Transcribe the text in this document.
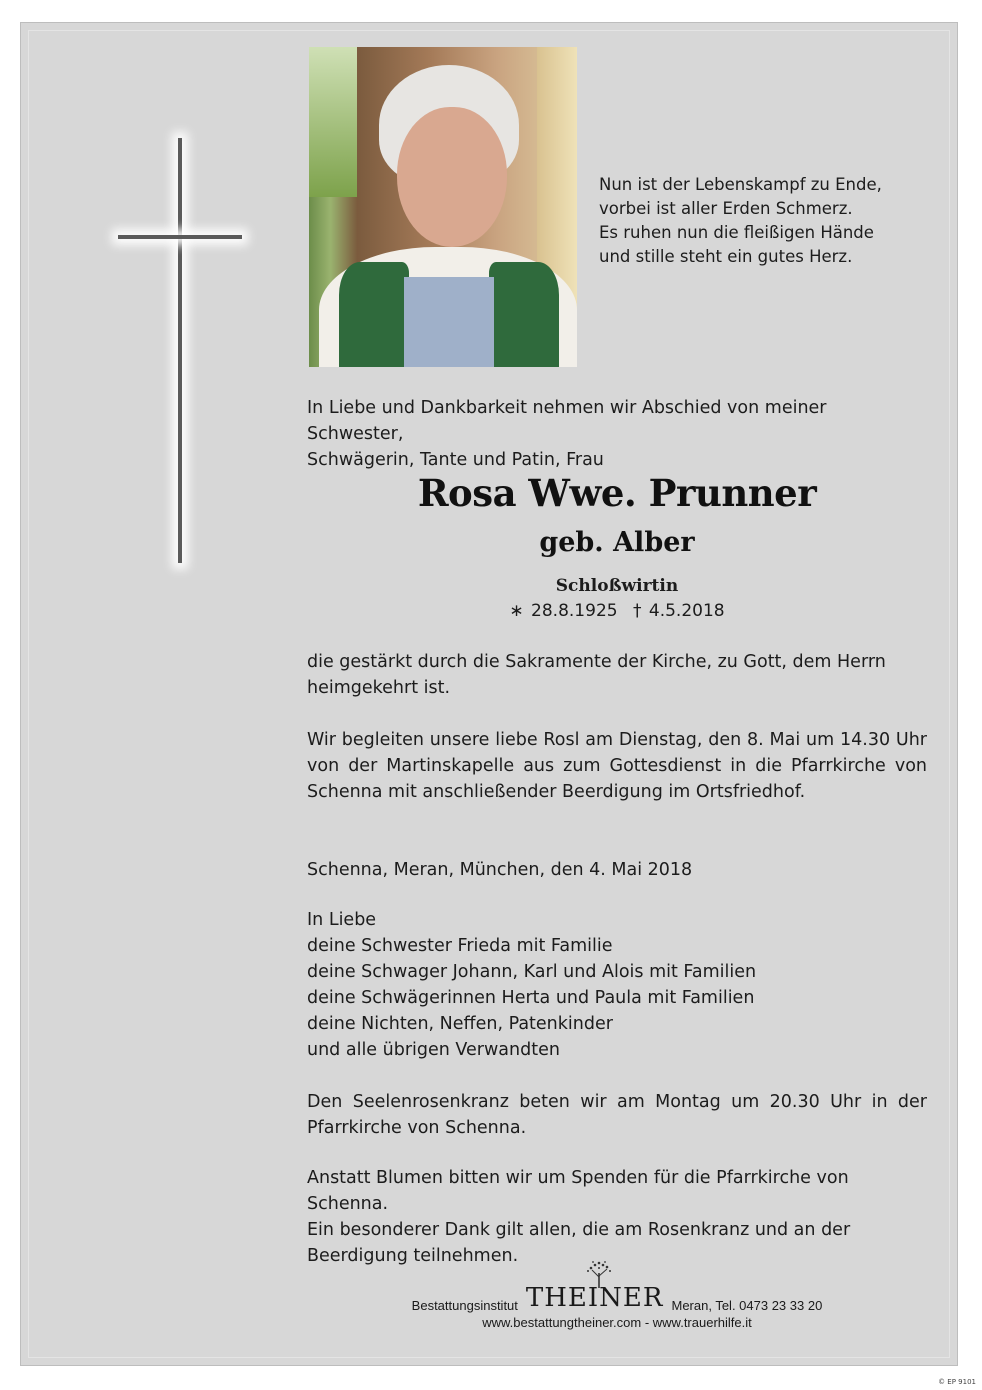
Nun ist der Lebenskampf zu Ende,
vorbei ist aller Erden Schmerz.
Es ruhen nun die fleißigen Hände
und stille steht ein gutes Herz.
In Liebe und Dankbarkeit nehmen wir Abschied von meiner Schwester,
Schwägerin, Tante und Patin, Frau
Rosa Wwe. Prunner
geb. Alber
Schloßwirtin
∗ 28.8.1925 † 4.5.2018
die gestärkt durch die Sakramente der Kirche, zu Gott, dem Herrn
heimgekehrt ist.
Wir begleiten unsere liebe Rosl am Dienstag, den 8. Mai um 14.30 Uhr von der Martinskapelle aus zum Gottesdienst in die Pfarrkirche von Schenna mit anschließender Beerdigung im Ortsfriedhof.
Schenna, Meran, München, den 4. Mai 2018
In Liebe
deine Schwester Frieda mit Familie
deine Schwager Johann, Karl und Alois mit Familien
deine Schwägerinnen Herta und Paula mit Familien
deine Nichten, Neffen, Patenkinder
und alle übrigen Verwandten
Den Seelenrosenkranz beten wir am Montag um 20.30 Uhr in der Pfarrkirche von Schenna.
Anstatt Blumen bitten wir um Spenden für die Pfarrkirche von Schenna.
Ein besonderer Dank gilt allen, die am Rosenkranz und an der
Beerdigung teilnehmen.
Bestattungsinstitut THEINER Meran, Tel. 0473 23 33 20
www.bestattungtheiner.com - www.trauerhilfe.it
© EP 9101
